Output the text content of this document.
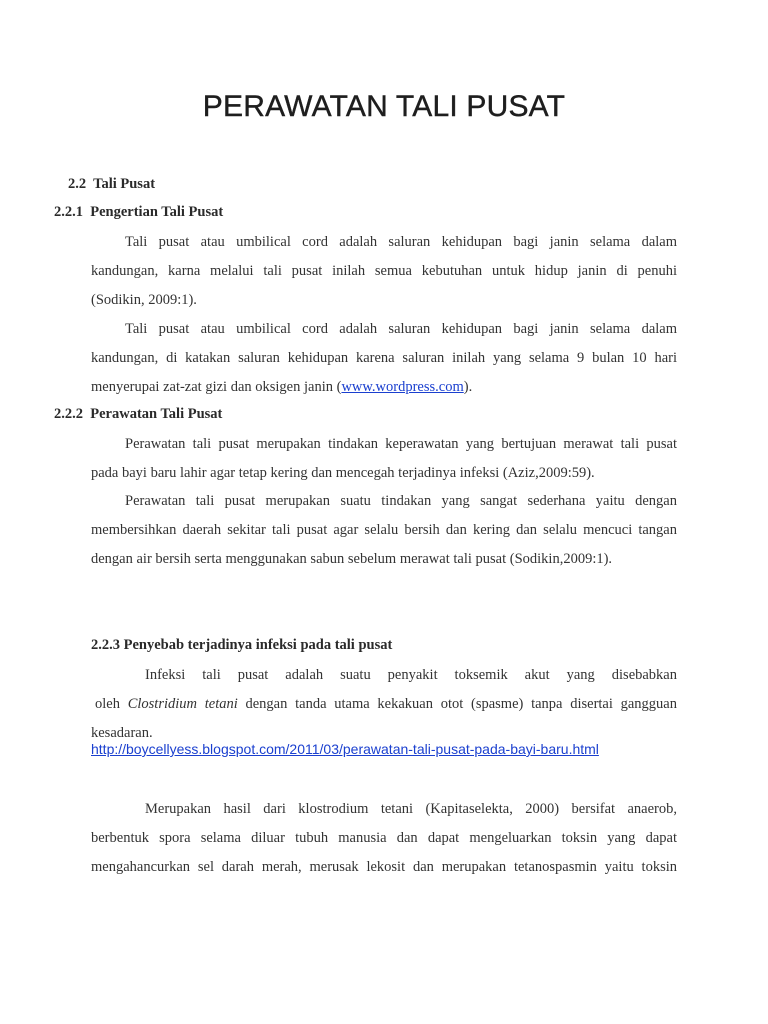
PERAWATAN TALI PUSAT
2.2  Tali Pusat
2.2.1  Pengertian Tali Pusat
Tali pusat atau umbilical cord adalah saluran kehidupan bagi janin selama dalam
kandungan, karna melalui tali pusat inilah semua kebutuhan untuk hidup janin di penuhi
(Sodikin, 2009:1).
Tali pusat atau umbilical cord adalah saluran kehidupan bagi janin selama dalam
kandungan, di katakan saluran kehidupan karena saluran inilah yang selama 9 bulan 10 hari
menyerupai zat-zat gizi dan oksigen janin (www.wordpress.com).
2.2.2  Perawatan Tali Pusat
Perawatan tali pusat merupakan tindakan keperawatan yang bertujuan merawat tali pusat
pada bayi baru lahir agar tetap kering dan mencegah terjadinya infeksi (Aziz,2009:59).
Perawatan tali pusat merupakan suatu tindakan yang sangat sederhana yaitu dengan
membersihkan daerah sekitar tali pusat agar selalu bersih dan kering dan selalu mencuci tangan
dengan air bersih serta menggunakan sabun sebelum merawat tali pusat (Sodikin,2009:1).
2.2.3 Penyebab terjadinya infeksi pada tali pusat
Infeksi tali pusat adalah suatu penyakit toksemik akut yang disebabkan
oleh Clostridium tetani dengan tanda utama kekakuan otot (spasme) tanpa disertai gangguan
kesadaran.
http://boycellyess.blogspot.com/2011/03/perawatan-tali-pusat-pada-bayi-baru.html
Merupakan hasil dari klostrodium tetani (Kapitaselekta, 2000) bersifat anaerob,
berbentuk spora selama diluar tubuh manusia dan dapat mengeluarkan toksin yang dapat
mengahancurkan sel darah merah, merusak lekosit dan merupakan tetanospasmin yaitu toksin
